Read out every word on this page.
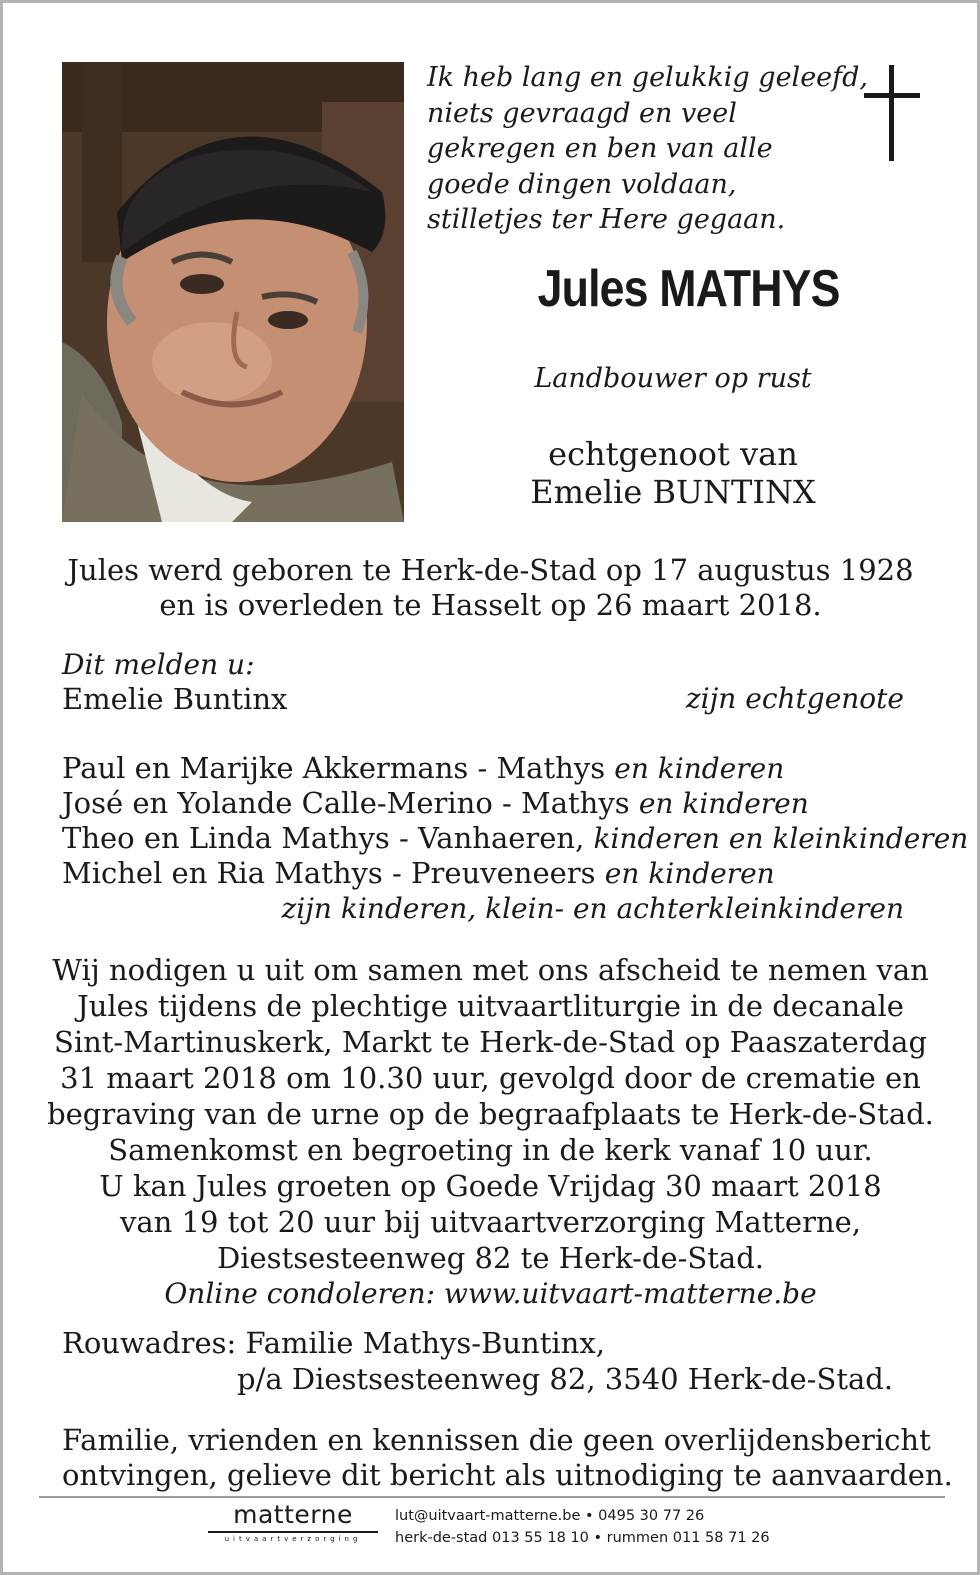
Ik heb lang en gelukkig geleefd,
niets gevraagd en veel
gekregen en ben van alle
goede dingen voldaan,
stilletjes ter Here gegaan.
Jules MATHYS
Landbouwer op rust
echtgenoot van
Emelie BUNTINX
Jules werd geboren te Herk-de-Stad op 17 augustus 1928
en is overleden te Hasselt op 26 maart 2018.
Dit melden u:
Emelie Buntinx	zijn echtgenote
Paul en Marijke Akkermans - Mathys en kinderen
José en Yolande Calle-Merino - Mathys en kinderen
Theo en Linda Mathys - Vanhaeren, kinderen en kleinkinderen
Michel en Ria Mathys - Preuveneers en kinderen
zijn kinderen, klein- en achterkleinkinderen
Wij nodigen u uit om samen met ons afscheid te nemen van
Jules tijdens de plechtige uitvaartliturgie in de decanale
Sint-Martinuskerk, Markt te Herk-de-Stad op Paaszaterdag
31 maart 2018 om 10.30 uur, gevolgd door de crematie en
begraving van de urne op de begraafplaats te Herk-de-Stad.
Samenkomst en begroeting in de kerk vanaf 10 uur.
U kan Jules groeten op Goede Vrijdag 30 maart 2018
van 19 tot 20 uur bij uitvaartverzorging Matterne,
Diestsesteenweg 82 te Herk-de-Stad.
Online condoleren: www.uitvaart-matterne.be
Rouwadres: Familie Mathys-Buntinx,
p/a Diestsesteenweg 82, 3540 Herk-de-Stad.
Familie, vrienden en kennissen die geen overlijdensbericht
ontvingen, gelieve dit bericht als uitnodiging te aanvaarden.
matterne
uitvaartverzorging
lut@uitvaart-matterne.be • 0495 30 77 26
herk-de-stad 013 55 18 10 • rummen 011 58 71 26
